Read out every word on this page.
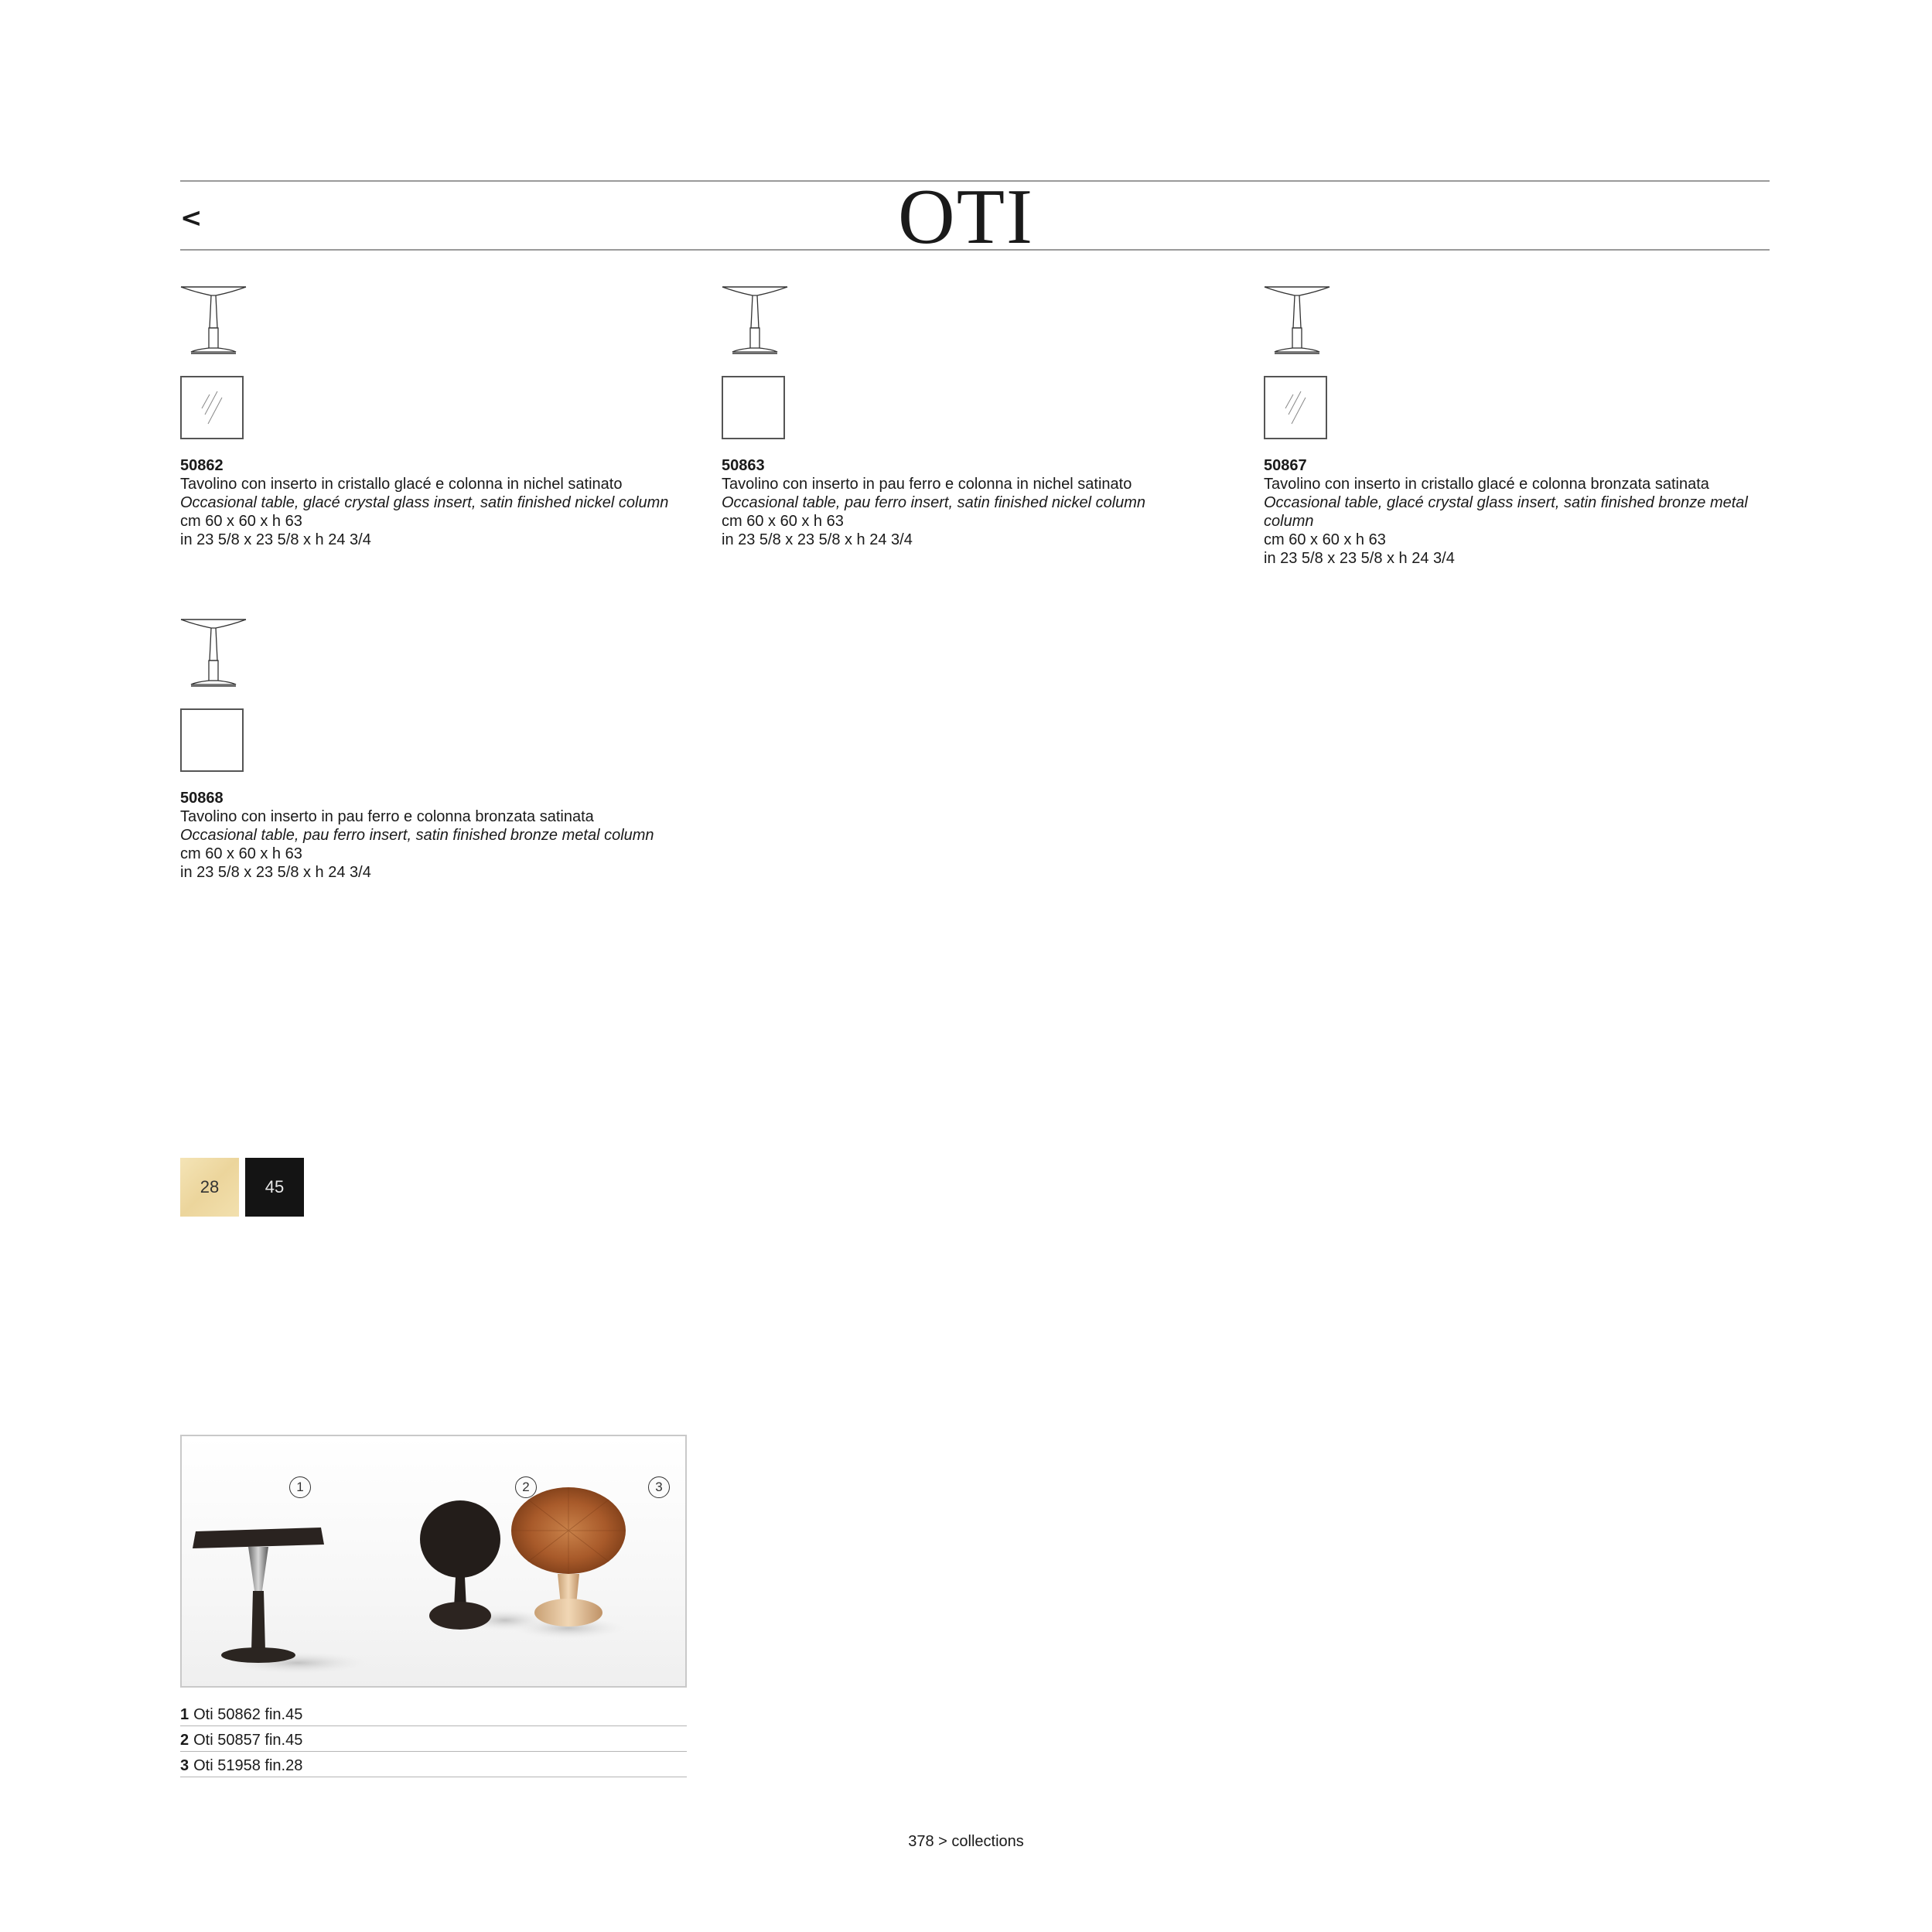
<	OTI
50862
Tavolino con inserto in cristallo glacé e colonna in nichel satinato
Occasional table, glacé crystal glass insert, satin finished nickel column
cm 60 x 60 x h 63
in 23 5/8 x 23 5/8 x h 24 3/4
50863
Tavolino con inserto in pau ferro e colonna in nichel satinato
Occasional table, pau ferro insert, satin finished nickel column
cm 60 x 60 x h 63
in 23 5/8 x 23 5/8 x h 24 3/4
50867
Tavolino con inserto in cristallo glacé e colonna bronzata satinata
Occasional table, glacé crystal glass insert, satin finished bronze metal column
cm 60 x 60 x h 63
in 23 5/8 x 23 5/8 x h 24 3/4
50868
Tavolino con inserto in pau ferro e colonna bronzata satinata
Occasional table, pau ferro insert, satin finished bronze metal column
cm 60 x 60 x h 63
in 23 5/8 x 23 5/8 x h 24 3/4
28	45
1	2	3
1 Oti 50862 fin.45
2 Oti 50857 fin.45
3 Oti 51958 fin.28
378 > collections
